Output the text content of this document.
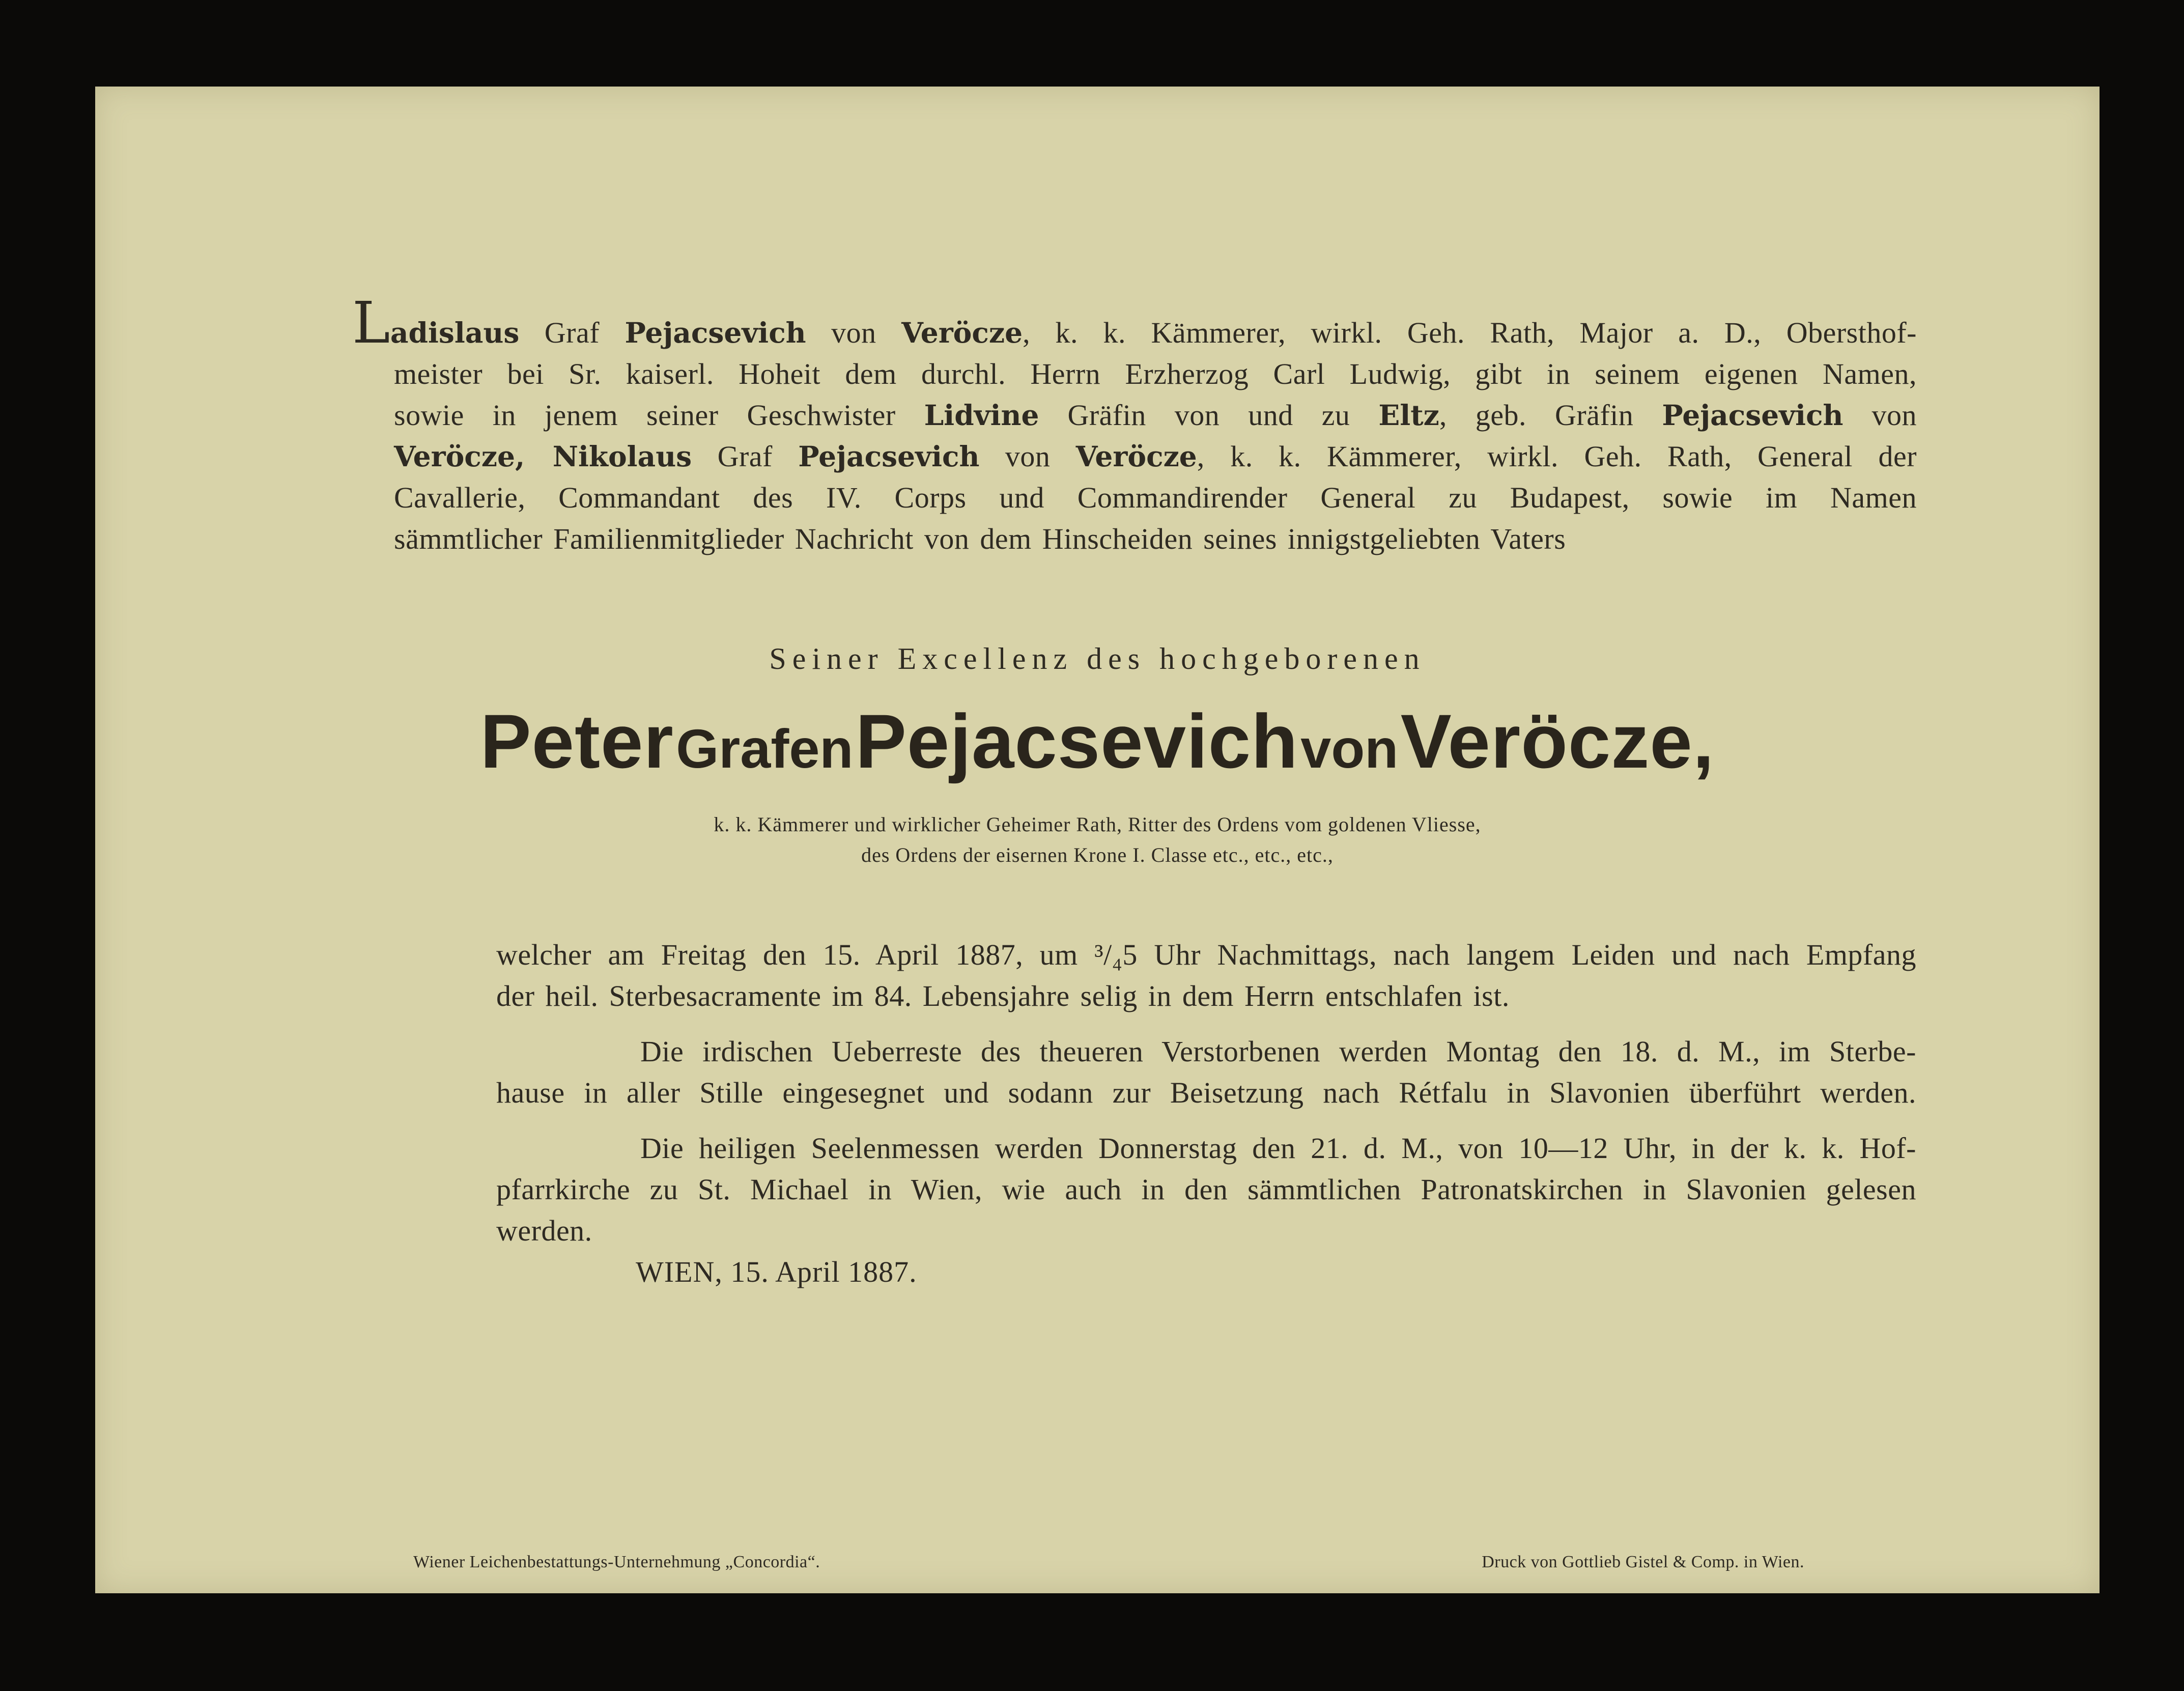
Ladislaus Graf Pejacsevich von Veröcze, k. k. Kämmerer, wirkl. Geh. Rath, Major a. D., Obersthof-
meister bei Sr. kaiserl. Hoheit dem durchl. Herrn Erzherzog Carl Ludwig, gibt in seinem eigenen Namen,
sowie in jenem seiner Geschwister Lidvine Gräfin von und zu Eltz, geb. Gräfin Pejacsevich von
Veröcze, Nikolaus Graf Pejacsevich von Veröcze, k. k. Kämmerer, wirkl. Geh. Rath, General der
Cavallerie, Commandant des IV. Corps und Commandirender General zu Budapest, sowie im Namen
sämmtlicher Familienmitglieder Nachricht von dem Hinscheiden seines innigstgeliebten Vaters
Seiner Excellenz des hochgeborenen
Peter Grafen Pejacsevich von Veröcze,
k. k. Kämmerer und wirklicher Geheimer Rath, Ritter des Ordens vom goldenen Vliesse,
des Ordens der eisernen Krone I. Classe etc., etc., etc.,
welcher am Freitag den 15. April 1887, um ³/₄5 Uhr Nachmittags, nach langem Leiden und nach Empfang
der heil. Sterbesacramente im 84. Lebensjahre selig in dem Herrn entschlafen ist.
Die irdischen Ueberreste des theueren Verstorbenen werden Montag den 18. d. M., im Sterbe-
hause in aller Stille eingesegnet und sodann zur Beisetzung nach Rétfalu in Slavonien überführt werden.
Die heiligen Seelenmessen werden Donnerstag den 21. d. M., von 10—12 Uhr, in der k. k. Hof-
pfarrkirche zu St. Michael in Wien, wie auch in den sämmtlichen Patronatskirchen in Slavonien gelesen
werden.
WIEN, 15. April 1887.
Wiener Leichenbestattungs-Unternehmung „Concordia“.	Druck von Gottlieb Gistel & Comp. in Wien.
